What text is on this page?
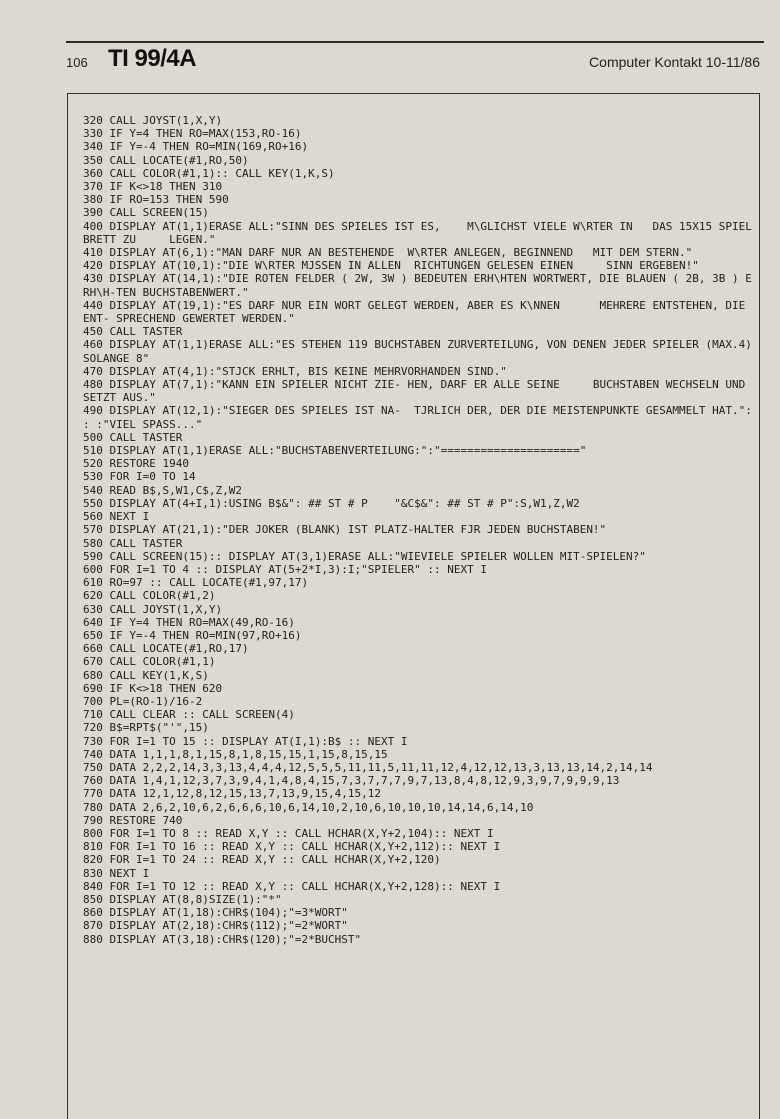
106 TI 99/4A	Computer Kontakt 10-11/86
320 CALL JOYST(1,X,Y)
330 IF Y=4 THEN RO=MAX(153,RO-16)
340 IF Y=-4 THEN RO=MIN(169,RO+16)
350 CALL LOCATE(#1,RO,50)
360 CALL COLOR(#1,1):: CALL KEY(1,K,S)
370 IF K<>18 THEN 310
380 IF RO=153 THEN 590
390 CALL SCREEN(15)
400 DISPLAY AT(1,1)ERASE ALL:"SINN DES SPIELES IST ES,    M\GLICHST VIELE W\RTER IN   DAS 15X15 SPIELBRETT ZU     LEGEN."
410 DISPLAY AT(6,1):"MAN DARF NUR AN BESTEHENDE  W\RTER ANLEGEN, BEGINNEND   MIT DEM STERN."
420 DISPLAY AT(10,1):"DIE W\RTER MJSSEN IN ALLEN  RICHTUNGEN GELESEN EINEN     SINN ERGEBEN!"
430 DISPLAY AT(14,1):"DIE ROTEN FELDER ( 2W, 3W ) BEDEUTEN ERH\HTEN WORTWERT, DIE BLAUEN ( 2B, 3B ) ERH\H-TEN BUCHSTABENWERT."
440 DISPLAY AT(19,1):"ES DARF NUR EIN WORT GELEGT WERDEN, ABER ES K\NNEN      MEHRERE ENTSTEHEN, DIE ENT- SPRECHEND GEWERTET WERDEN."
450 CALL TASTER
460 DISPLAY AT(1,1)ERASE ALL:"ES STEHEN 119 BUCHSTABEN ZURVERTEILUNG, VON DENEN JEDER SPIELER (MAX.4) SOLANGE 8"
470 DISPLAY AT(4,1):"STJCK ERHLT, BIS KEINE MEHRVORHANDEN SIND."
480 DISPLAY AT(7,1):"KANN EIN SPIELER NICHT ZIE- HEN, DARF ER ALLE SEINE     BUCHSTABEN WECHSELN UND     SETZT AUS."
490 DISPLAY AT(12,1):"SIEGER DES SPIELES IST NA-  TJRLICH DER, DER DIE MEISTENPUNKTE GESAMMELT HAT.": : :"VIEL SPASS..."
500 CALL TASTER
510 DISPLAY AT(1,1)ERASE ALL:"BUCHSTABENVERTEILUNG:":"====================="
520 RESTORE 1940
530 FOR I=0 TO 14
540 READ B$,S,W1,C$,Z,W2
550 DISPLAY AT(4+I,1):USING B$&": ## ST # P    "&C$&": ## ST # P":S,W1,Z,W2
560 NEXT I
570 DISPLAY AT(21,1):"DER JOKER (BLANK) IST PLATZ-HALTER FJR JEDEN BUCHSTABEN!"
580 CALL TASTER
590 CALL SCREEN(15):: DISPLAY AT(3,1)ERASE ALL:"WIEVIELE SPIELER WOLLEN MIT-SPIELEN?"
600 FOR I=1 TO 4 :: DISPLAY AT(5+2*I,3):I;"SPIELER" :: NEXT I
610 RO=97 :: CALL LOCATE(#1,97,17)
620 CALL COLOR(#1,2)
630 CALL JOYST(1,X,Y)
640 IF Y=4 THEN RO=MAX(49,RO-16)
650 IF Y=-4 THEN RO=MIN(97,RO+16)
660 CALL LOCATE(#1,RO,17)
670 CALL COLOR(#1,1)
680 CALL KEY(1,K,S)
690 IF K<>18 THEN 620
700 PL=(RO-1)/16-2
710 CALL CLEAR :: CALL SCREEN(4)
720 B$=RPT$("'",15)
730 FOR I=1 TO 15 :: DISPLAY AT(I,1):B$ :: NEXT I
740 DATA 1,1,1,8,1,15,8,1,8,15,15,1,15,8,15,15
750 DATA 2,2,2,14,3,3,13,4,4,4,12,5,5,5,11,11,5,11,11,12,4,12,12,13,3,13,13,14,2,14,14
760 DATA 1,4,1,12,3,7,3,9,4,1,4,8,4,15,7,3,7,7,7,9,7,13,8,4,8,12,9,3,9,7,9,9,9,13
770 DATA 12,1,12,8,12,15,13,7,13,9,15,4,15,12
780 DATA 2,6,2,10,6,2,6,6,6,10,6,14,10,2,10,6,10,10,10,14,14,6,14,10
790 RESTORE 740
800 FOR I=1 TO 8 :: READ X,Y :: CALL HCHAR(X,Y+2,104):: NEXT I
810 FOR I=1 TO 16 :: READ X,Y :: CALL HCHAR(X,Y+2,112):: NEXT I
820 FOR I=1 TO 24 :: READ X,Y :: CALL HCHAR(X,Y+2,120)
830 NEXT I
840 FOR I=1 TO 12 :: READ X,Y :: CALL HCHAR(X,Y+2,128):: NEXT I
850 DISPLAY AT(8,8)SIZE(1):"*"
860 DISPLAY AT(1,18):CHR$(104);"=3*WORT"
870 DISPLAY AT(2,18):CHR$(112);"=2*WORT"
880 DISPLAY AT(3,18):CHR$(120);"=2*BUCHST"
